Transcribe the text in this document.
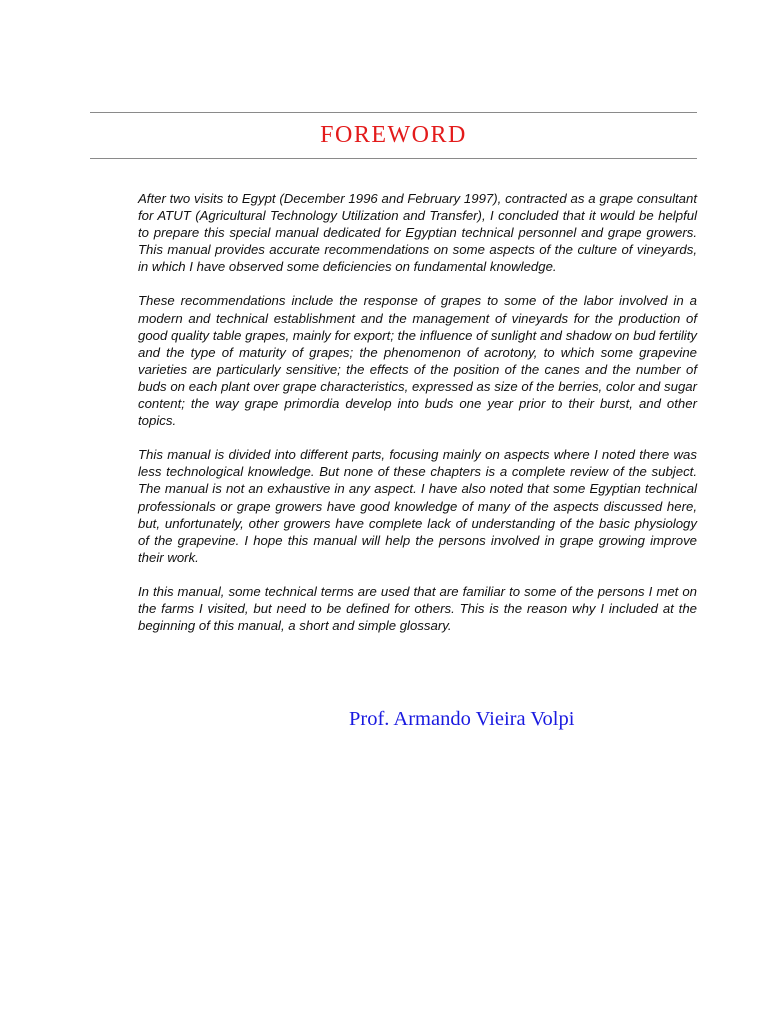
FOREWORD

After two visits to Egypt (December 1996 and February 1997), contracted as a grape consultant for ATUT (Agricultural Technology Utilization and Transfer), I concluded that it would be helpful to prepare this special manual dedicated for Egyptian technical personnel and grape growers. This manual provides accurate recommendations on some aspects of the culture of vineyards, in which I have observed some deficiencies on fundamental knowledge.

These recommendations include the response of grapes to some of the labor involved in a modern and technical establishment and the management of vineyards for the production of good quality table grapes, mainly for export; the influence of sunlight and shadow on bud fertility and the type of maturity of grapes; the phenomenon of acrotony, to which some grapevine varieties are particularly sensitive; the effects of the position of the canes and the number of buds on each plant over grape characteristics, expressed as size of the berries, color and sugar content; the way grape primordia develop into buds one year prior to their burst, and other topics.

This manual is divided into different parts, focusing mainly on aspects where I noted there was less technological knowledge. But none of these chapters is a complete review of the subject. The manual is not an exhaustive in any aspect. I have also noted that some Egyptian technical professionals or grape growers have good knowledge of many of the aspects discussed here, but, unfortunately, other growers have complete lack of understanding of the basic physiology of the grapevine. I hope this manual will help the persons involved in grape growing improve their work.

In this manual, some technical terms are used that are familiar to some of the persons I met on the farms I visited, but need to be defined for others. This is the reason why I included at the beginning of this manual, a short and simple glossary.

Prof. Armando Vieira Volpi
